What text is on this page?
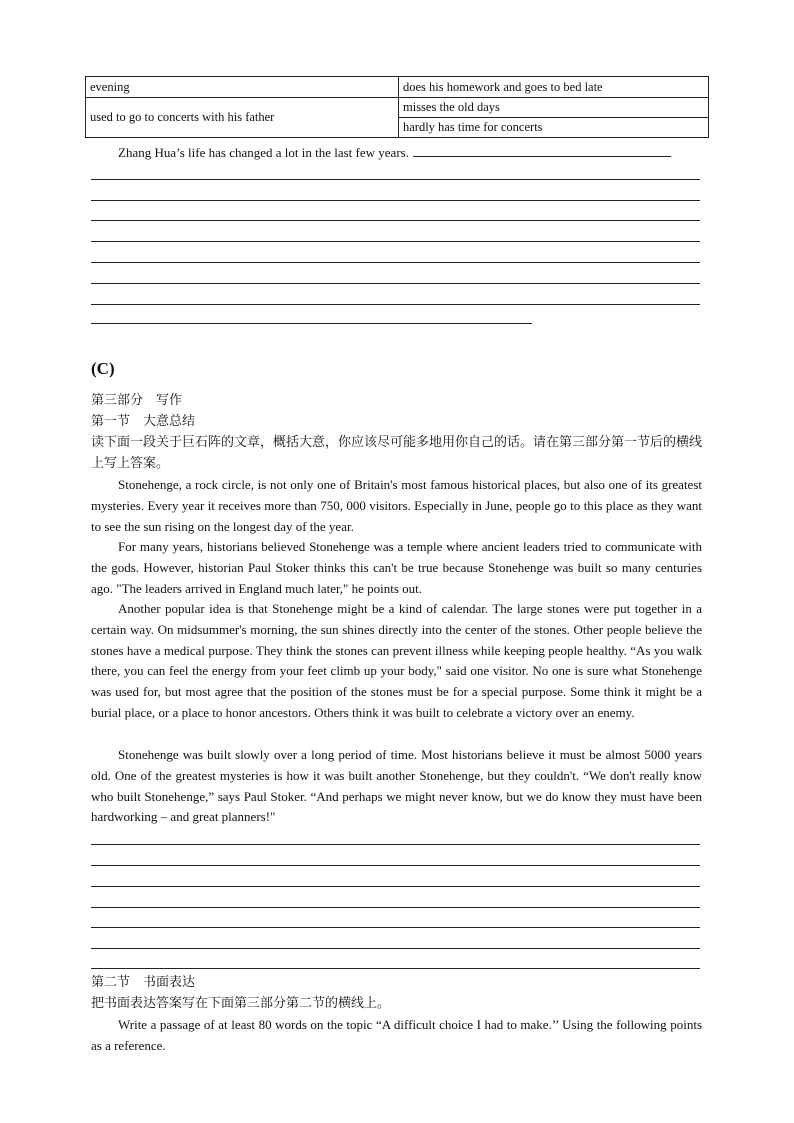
evening	does his homework and goes to bed late
used to go to concerts with his father	misses the old days
	hardly has time for concerts
Zhang Hua’s life has changed a lot in the last few years.
(C)
第三部分　写作
第一节　大意总结
读下面一段关于巨石阵的文章，概括大意，你应该尽可能多地用你自己的话。请在第三部分第一节后的横线上写上答案。
Stonehenge, a rock circle, is not only one of Britain's most famous historical places, but also one of its greatest mysteries. Every year it receives more than 750, 000 visitors. Especially in June, people go to this place as they want to see the sun rising on the longest day of the year.
For many years, historians believed Stonehenge was a temple where ancient leaders tried to communicate with the gods. However, historian Paul Stoker thinks this can't be true because Stonehenge was built so many centuries ago. "The leaders arrived in England much later," he points out.
Another popular idea is that Stonehenge might be a kind of calendar. The large stones were put together in a certain way. On midsummer's morning, the sun shines directly into the center of the stones. Other people believe the stones have a medical purpose. They think the stones can prevent illness while keeping people healthy. “As you walk there, you can feel the energy from your feet climb up your body," said one visitor. No one is sure what Stonehenge was used for, but most agree that the position of the stones must be for a special purpose. Some think it might be a burial place, or a place to honor ancestors. Others think it was built to celebrate a victory over an enemy.
Stonehenge was built slowly over a long period of time. Most historians believe it must be almost 5000 years old. One of the greatest mysteries is how it was built another Stonehenge, but they couldn't. “We don't really know who built Stonehenge,” says Paul Stoker. “And perhaps we might never know, but we do know they must have been hardworking – and great planners!"
第二节　书面表达
把书面表达答案写在下面第三部分第二节的横线上。
Write a passage of at least 80 words on the topic “A difficult choice I had to make.’’ Using the following points as a reference.
